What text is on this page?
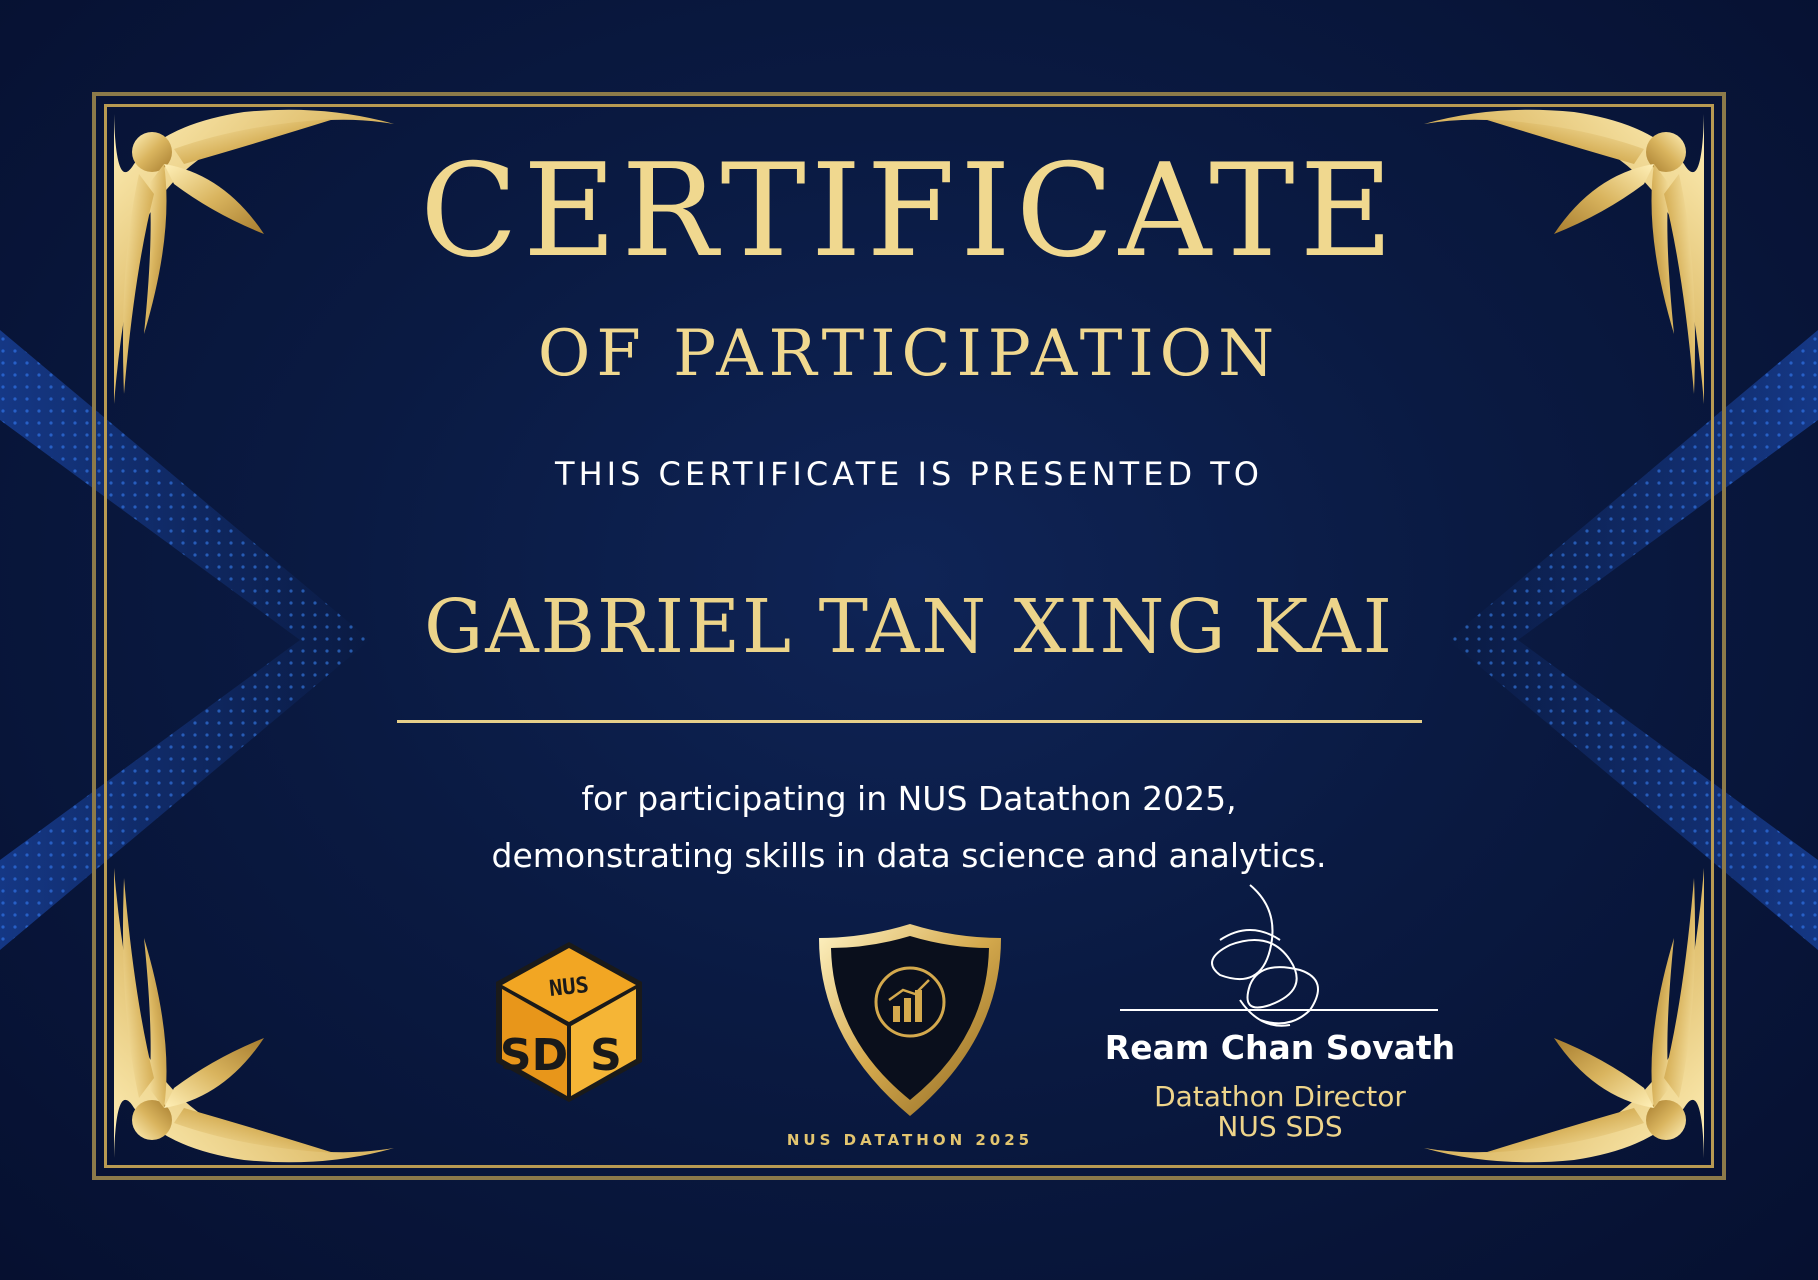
CERTIFICATE
OF PARTICIPATION
THIS CERTIFICATE IS PRESENTED TO
GABRIEL TAN XING KAI
for participating in NUS Datathon 2025,
demonstrating skills in data science and analytics.
NUS
SD S
NUS DATATHON 2025
Ream Chan Sovath
Datathon Director
NUS SDS
